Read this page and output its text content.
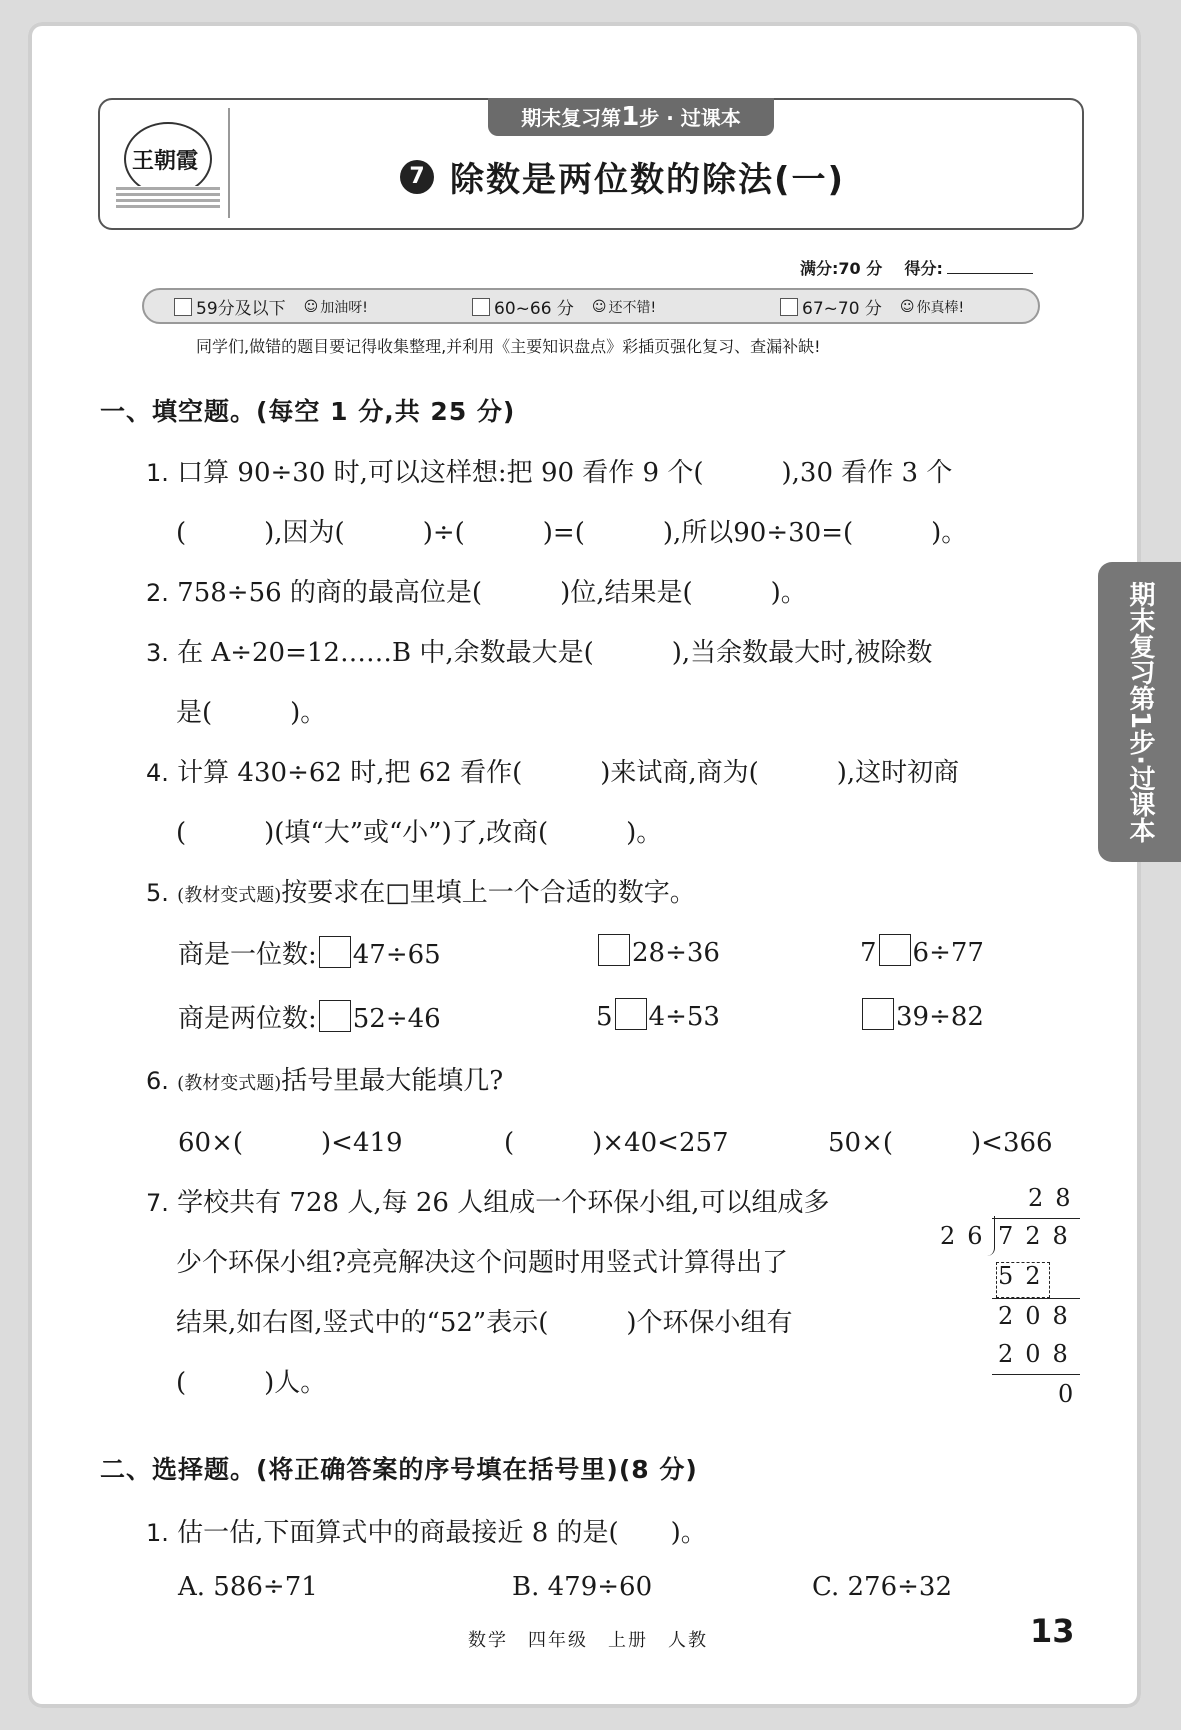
王朝霞
期末复习第1步 · 过课本
7 除数是两位数的除法(一)
满分:70 分 得分:
59分及以下 ☺ 加油呀!	60~66 分 ☺ 还不错!	67~70 分 ☺ 你真棒!
同学们,做错的题目要记得收集整理,并利用《主要知识盘点》彩插页强化复习、查漏补缺!
期末复习第1步·过课本
一、填空题。(每空 1 分,共 25 分)
1. 口算 90÷30 时,可以这样想:把 90 看作 9 个(　　　),30 看作 3 个
(　　　),因为(　　　)÷(　　　)=(　　　),所以90÷30=(　　　)。
2. 758÷56 的商的最高位是(　　　)位,结果是(　　　)。
3. 在 A÷20=12……B 中,余数最大是(　　　),当余数最大时,被除数
是(　　　)。
4. 计算 430÷62 时,把 62 看作(　　　)来试商,商为(　　　),这时初商
(　　　)(填“大”或“小”)了,改商(　　　)。
5. (教材变式题)按要求在□里填上一个合适的数字。
商是一位数: 47÷65	28÷36	7 6÷77
商是两位数: 52÷46	5 4÷53	39÷82
6. (教材变式题)括号里最大能填几?
60×(　　　)<419	(　　　)×40<257	50×(　　　)<366
7. 学校共有 728 人,每 26 人组成一个环保小组,可以组成多
少个环保小组?亮亮解决这个问题时用竖式计算得出了
结果,如右图,竖式中的“52”表示(　　　)个环保小组有
(　　　)人。
28
26 728
52
208
208
0
二、选择题。(将正确答案的序号填在括号里)(8 分)
1. 估一估,下面算式中的商最接近 8 的是(　　)。
A. 586÷71	B. 479÷60	C. 276÷32
数学　四年级　上册　人教	13
